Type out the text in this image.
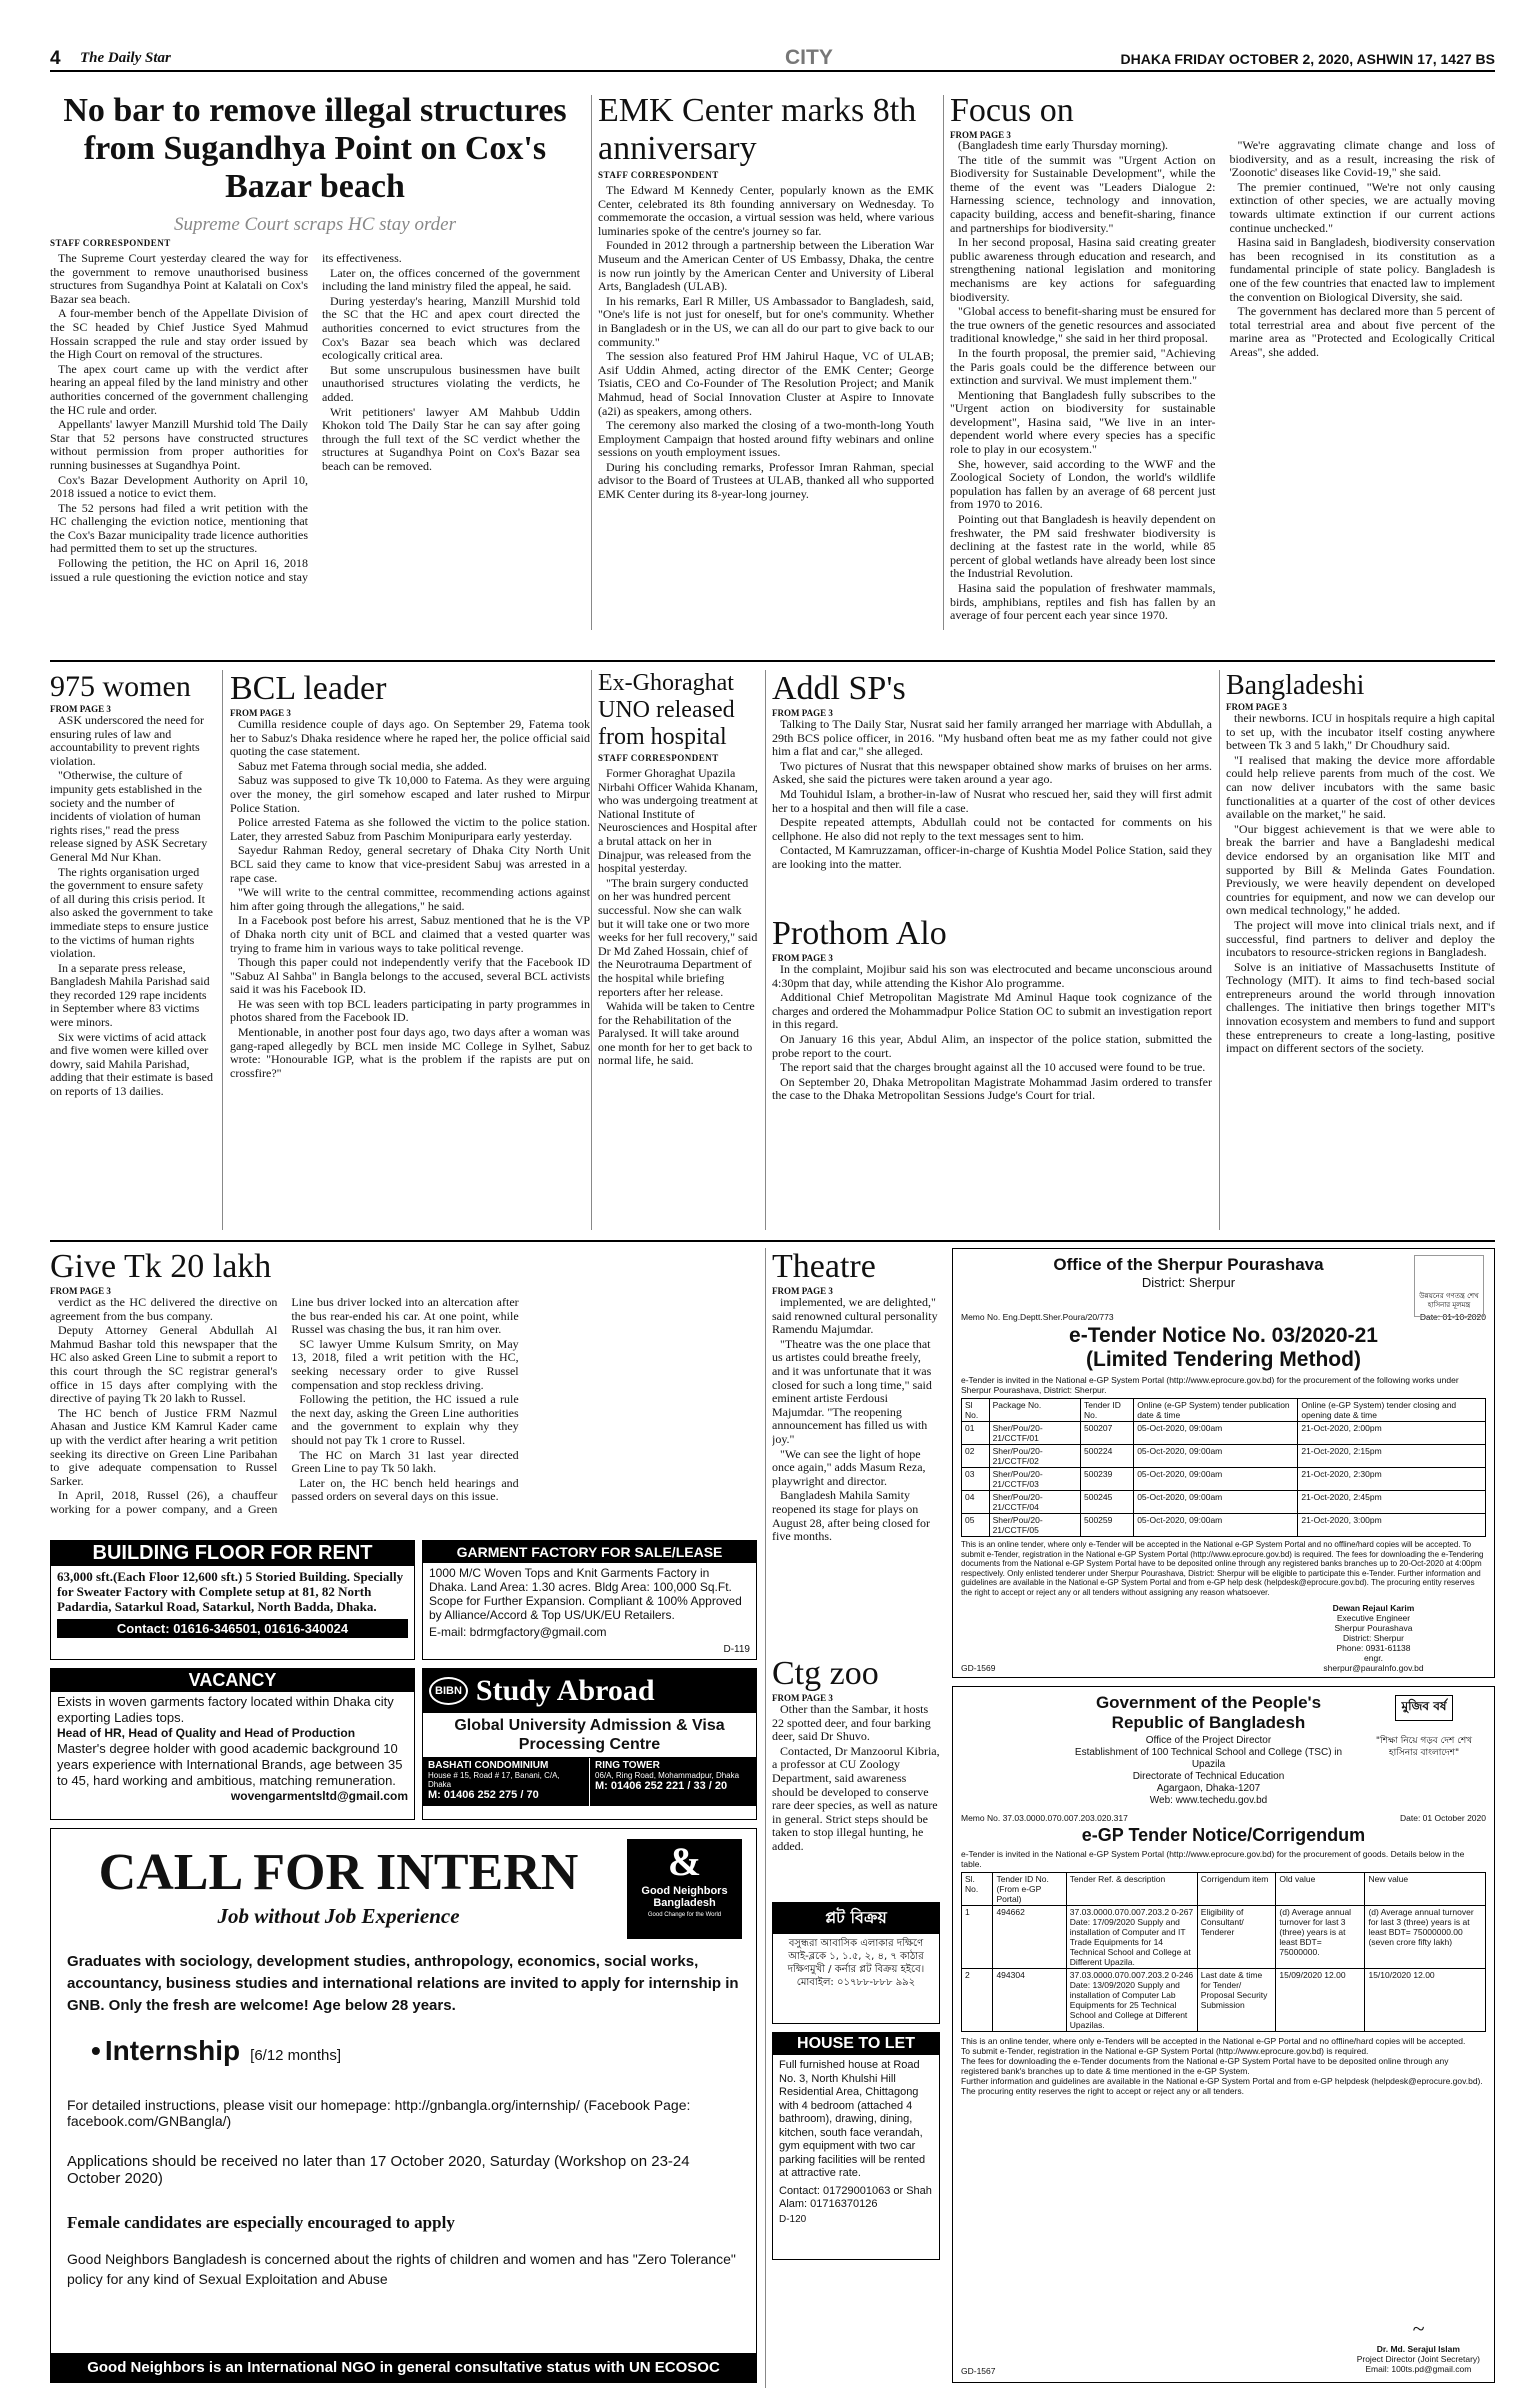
4 The Daily Star	CITY	DHAKA FRIDAY OCTOBER 2, 2020, ASHWIN 17, 1427 BS
No bar to remove illegal structures from Sugandhya Point on Cox's Bazar beach
Supreme Court scraps HC stay order
STAFF CORRESPONDENT

The Supreme Court yesterday cleared the way for the government to remove unauthorised business structures from Sugandhya Point at Kalatali on Cox's Bazar sea beach.

A four-member bench of the Appellate Division of the SC headed by Chief Justice Syed Mahmud Hossain scrapped the rule and stay order issued by the High Court on removal of the structures.

The apex court came up with the verdict after hearing an appeal filed by the land ministry and other authorities concerned of the government challenging the HC rule and order.

Appellants' lawyer Manzill Murshid told The Daily Star that 52 persons have constructed structures without permission from proper authorities for running businesses at Sugandhya Point.

Cox's Bazar Development Authority on April 10, 2018 issued a notice to evict them.

The 52 persons had filed a writ petition with the HC challenging the eviction notice, mentioning that the Cox's Bazar municipality trade licence authorities had permitted them to set up the structures.

Following the petition, the HC on April 16, 2018 issued a rule questioning the eviction notice and stay its effectiveness.

Later on, the offices concerned of the government including the land ministry filed the appeal, he said.

During yesterday's hearing, Manzill Murshid told the SC that the HC and apex court directed the authorities concerned to evict structures from the Cox's Bazar sea beach which was declared ecologically critical area.

But some unscrupulous businessmen have built unauthorised structures violating the verdicts, he added.

Writ petitioners' lawyer AM Mahbub Uddin Khokon told The Daily Star he can say after going through the full text of the SC verdict whether the structures at Sugandhya Point on Cox's Bazar sea beach can be removed.

EMK Center marks 8th anniversary
STAFF CORRESPONDENT

The Edward M Kennedy Center, popularly known as the EMK Center, celebrated its 8th founding anniversary on Wednesday. To commemorate the occasion, a virtual session was held, where various luminaries spoke of the centre's journey so far.

Founded in 2012 through a partnership between the Liberation War Museum and the American Center of US Embassy, Dhaka, the centre is now run jointly by the American Center and University of Liberal Arts, Bangladesh (ULAB).

In his remarks, Earl R Miller, US Ambassador to Bangladesh, said, "One's life is not just for oneself, but for one's community. Whether in Bangladesh or in the US, we can all do our part to give back to our community."

The session also featured Prof HM Jahirul Haque, VC of ULAB; Asif Uddin Ahmed, acting director of the EMK Center; George Tsiatis, CEO and Co-Founder of The Resolution Project; and Manik Mahmud, head of Social Innovation Cluster at Aspire to Innovate (a2i) as speakers, among others.

The ceremony also marked the closing of a two-month-long Youth Employment Campaign that hosted around fifty webinars and online sessions on youth employment issues.

During his concluding remarks, Professor Imran Rahman, special advisor to the Board of Trustees at ULAB, thanked all who supported EMK Center during its 8-year-long journey.

Focus on
FROM PAGE 3

(Bangladesh time early Thursday morning).

The title of the summit was "Urgent Action on Biodiversity for Sustainable Development", while the theme of the event was "Leaders Dialogue 2: Harnessing science, technology and innovation, capacity building, access and benefit-sharing, finance and partnerships for biodiversity."

In her second proposal, Hasina said creating greater public awareness through education and research, and strengthening national legislation and monitoring mechanisms are key actions for safeguarding biodiversity.

"Global access to benefit-sharing must be ensured for the true owners of the genetic resources and associated traditional knowledge," she said in her third proposal.

In the fourth proposal, the premier said, "Achieving the Paris goals could be the difference between our extinction and survival. We must implement them."

Mentioning that Bangladesh fully subscribes to the "Urgent action on biodiversity for sustainable development", Hasina said, "We live in an inter-dependent world where every species has a specific role to play in our ecosystem."

She, however, said according to the WWF and the Zoological Society of London, the world's wildlife population has fallen by an average of 68 percent just from 1970 to 2016.

Pointing out that Bangladesh is heavily dependent on freshwater, the PM said freshwater biodiversity is declining at the fastest rate in the world, while 85 percent of global wetlands have already been lost since the Industrial Revolution.

Hasina said the population of freshwater mammals, birds, amphibians, reptiles and fish has fallen by an average of four percent each year since 1970.

"We're aggravating climate change and loss of biodiversity, and as a result, increasing the risk of 'Zoonotic' diseases like Covid-19," she said.

The premier continued, "We're not only causing extinction of other species, we are actually moving towards ultimate extinction if our current actions continue unchecked."

Hasina said in Bangladesh, biodiversity conservation has been recognised in its constitution as a fundamental principle of state policy. Bangladesh is one of the few countries that enacted law to implement the convention on Biological Diversity, she said.

The government has declared more than 5 percent of total terrestrial area and about five percent of the marine area as "Protected and Ecologically Critical Areas", she added.

975 women
FROM PAGE 3

ASK underscored the need for ensuring rules of law and accountability to prevent rights violation.

"Otherwise, the culture of impunity gets established in the society and the number of incidents of violation of human rights rises," read the press release signed by ASK Secretary General Md Nur Khan.

The rights organisation urged the government to ensure safety of all during this crisis period. It also asked the government to take immediate steps to ensure justice to the victims of human rights violation.

In a separate press release, Bangladesh Mahila Parishad said they recorded 129 rape incidents in September where 83 victims were minors.

Six were victims of acid attack and five women were killed over dowry, said Mahila Parishad, adding that their estimate is based on reports of 13 dailies.

BCL leader
FROM PAGE 3

Cumilla residence couple of days ago. On September 29, Fatema took her to Sabuz's Dhaka residence where he raped her, the police official said quoting the case statement.

Sabuz met Fatema through social media, she added.

Sabuz was supposed to give Tk 10,000 to Fatema. As they were arguing over the money, the girl somehow escaped and later rushed to Mirpur Police Station.

Police arrested Fatema as she followed the victim to the police station. Later, they arrested Sabuz from Paschim Monipuripara early yesterday.

Sayedur Rahman Redoy, general secretary of Dhaka City North Unit BCL said they came to know that vice-president Sabuj was arrested in a rape case.

"We will write to the central committee, recommending actions against him after going through the allegations," he said.

In a Facebook post before his arrest, Sabuz mentioned that he is the VP of Dhaka north city unit of BCL and claimed that a vested quarter was trying to frame him in various ways to take political revenge.

Though this paper could not independently verify that the Facebook ID "Sabuz Al Sahba" in Bangla belongs to the accused, several BCL activists said it was his Facebook ID.

He was seen with top BCL leaders participating in party programmes in photos shared from the Facebook ID.

Mentionable, in another post four days ago, two days after a woman was gang-raped allegedly by BCL men inside MC College in Sylhet, Sabuz wrote: "Honourable IGP, what is the problem if the rapists are put on crossfire?"

Ex-Ghoraghat UNO released from hospital
STAFF CORRESPONDENT

Former Ghoraghat Upazila Nirbahi Officer Wahida Khanam, who was undergoing treatment at National Institute of Neurosciences and Hospital after a brutal attack on her in Dinajpur, was released from the hospital yesterday.

"The brain surgery conducted on her was hundred percent successful. Now she can walk but it will take one or two more weeks for her full recovery," said Dr Md Zahed Hossain, chief of the Neurotrauma Department of the hospital while briefing reporters after her release.

Wahida will be taken to Centre for the Rehabilitation of the Paralysed. It will take around one month for her to get back to normal life, he said.

Addl SP's
FROM PAGE 3

Talking to The Daily Star, Nusrat said her family arranged her marriage with Abdullah, a 29th BCS police officer, in 2016. "My husband often beat me as my father could not give him a flat and car," she alleged.

Two pictures of Nusrat that this newspaper obtained show marks of bruises on her arms. Asked, she said the pictures were taken around a year ago.

Md Touhidul Islam, a brother-in-law of Nusrat who rescued her, said they will first admit her to a hospital and then will file a case.

Despite repeated attempts, Abdullah could not be contacted for comments on his cellphone. He also did not reply to the text messages sent to him.

Contacted, M Kamruzzaman, officer-in-charge of Kushtia Model Police Station, said they are looking into the matter.

Prothom Alo
FROM PAGE 3

In the complaint, Mojibur said his son was electrocuted and became unconscious around 4:30pm that day, while attending the Kishor Alo programme.

Additional Chief Metropolitan Magistrate Md Aminul Haque took cognizance of the charges and ordered the Mohammadpur Police Station OC to submit an investigation report in this regard.

On January 16 this year, Abdul Alim, an inspector of the police station, submitted the probe report to the court.

The report said that the charges brought against all the 10 accused were found to be true.

On September 20, Dhaka Metropolitan Magistrate Mohammad Jasim ordered to transfer the case to the Dhaka Metropolitan Sessions Judge's Court for trial.

Bangladeshi
FROM PAGE 3

their newborns. ICU in hospitals require a high capital to set up, with the incubator itself costing anywhere between Tk 3 and 5 lakh," Dr Choudhury said.

"I realised that making the device more affordable could help relieve parents from much of the cost. We can now deliver incubators with the same basic functionalities at a quarter of the cost of other devices available on the market," he said.

"Our biggest achievement is that we were able to break the barrier and have a Bangladeshi medical device endorsed by an organisation like MIT and supported by Bill & Melinda Gates Foundation. Previously, we were heavily dependent on developed countries for equipment, and now we can develop our own medical technology," he added.

The project will move into clinical trials next, and if successful, find partners to deliver and deploy the incubators to resource-stricken regions in Bangladesh.

Solve is an initiative of Massachusetts Institute of Technology (MIT). It aims to find tech-based social entrepreneurs around the world through innovation challenges. The initiative then brings together MIT's innovation ecosystem and members to fund and support these entrepreneurs to create a long-lasting, positive impact on different sectors of the society.

Give Tk 20 lakh
FROM PAGE 3

verdict as the HC delivered the directive on agreement from the bus company.

Deputy Attorney General Abdullah Al Mahmud Bashar told this newspaper that the HC also asked Green Line to submit a report to this court through the SC registrar general's office in 15 days after complying with the directive of paying Tk 20 lakh to Russel.

The HC bench of Justice FRM Nazmul Ahasan and Justice KM Kamrul Kader came up with the verdict after hearing a writ petition seeking its directive on Green Line Paribahan to give adequate compensation to Russel Sarker.

In April, 2018, Russel (26), a chauffeur working for a power company, and a Green Line bus driver locked into an altercation after the bus rear-ended his car. At one point, while Russel was chasing the bus, it ran him over.

SC lawyer Umme Kulsum Smrity, on May 13, 2018, filed a writ petition with the HC, seeking necessary order to give Russel compensation and stop reckless driving.

Following the petition, the HC issued a rule the next day, asking the Green Line authorities and the government to explain why they should not pay Tk 1 crore to Russel.

The HC on March 31 last year directed Green Line to pay Tk 50 lakh.

Later on, the HC bench held hearings and passed orders on several days on this issue.

Theatre
FROM PAGE 3

implemented, we are delighted," said renowned cultural personality Ramendu Majumdar.

"Theatre was the one place that us artistes could breathe freely, and it was unfortunate that it was closed for such a long time," said eminent artiste Ferdousi Majumdar. "The reopening announcement has filled us with joy."

"We can see the light of hope once again," adds Masum Reza, playwright and director.

Bangladesh Mahila Samity reopened its stage for plays on August 28, after being closed for five months.

Ctg zoo
FROM PAGE 3

Other than the Sambar, it hosts 22 spotted deer, and four barking deer, said Dr Shuvo.

Contacted, Dr Manzoorul Kibria, a professor at CU Zoology Department, said awareness should be developed to conserve rare deer species, as well as nature in general. Strict steps should be taken to stop illegal hunting, he added.

BUILDING FLOOR FOR RENT
63,000 sft.(Each Floor 12,600 sft.) 5 Storied Building. Specially for Sweater Factory with Complete setup at 81, 82 North Padardia, Satarkul Road, Satarkul, North Badda, Dhaka.
Contact: 01616-346501, 01616-340024
GARMENT FACTORY FOR SALE/LEASE
1000 M/C Woven Tops and Knit Garments Factory in Dhaka. Land Area: 1.30 acres. Bldg Area: 100,000 Sq.Ft. Scope for Further Expansion. Compliant & 100% Approved by Alliance/Accord & Top US/UK/EU Retailers.
E-mail: bdrmgfactory@gmail.com
D-119
VACANCY
Exists in woven garments factory located within Dhaka city exporting Ladies tops.
Head of HR, Head of Quality and Head of Production
Master's degree holder with good academic background 10 years experience with International Brands, age between 35 to 45, hard working and ambitious, matching remuneration.
wovengarmentsltd@gmail.com
BIBN Study Abroad
Global University Admission & Visa Processing Centre
BASHATI CONDOMINIUM
House # 15, Road # 17, Banani, C/A, Dhaka
M: 01406 252 275 / 70
RING TOWER
06/A, Ring Road, Mohammadpur, Dhaka
M: 01406 252 221 / 33 / 20
CALL FOR INTERN
Job without Job Experience
&
Good Neighbors Bangladesh
Good Change for the World
Graduates with sociology, development studies, anthropology, economics, social works, accountancy, business studies and international relations are invited to apply for internship in GNB. Only the fresh are welcome! Age below 28 years.
• Internship [6/12 months]
For detailed instructions, please visit our homepage: http://gnbangla.org/internship/ (Facebook Page: facebook.com/GNBangla/)
Applications should be received no later than 17 October 2020, Saturday (Workshop on 23-24 October 2020)
Female candidates are especially encouraged to apply
Good Neighbors Bangladesh is concerned about the rights of children and women and has "Zero Tolerance" policy for any kind of Sexual Exploitation and Abuse
Good Neighbors is an International NGO in general consultative status with UN ECOSOC
প্লট বিক্রয়
বসুন্ধরা আবাসিক এলাকার দক্ষিণে আই-ব্লকে ১, ১.৫, ২, ৪, ৭ কাঠার দক্ষিণমুখী / কর্নার প্লট বিক্রয় হইবে। মোবাইল: ০১৭৮৮-৮৮৮ ৯৯২
HOUSE TO LET
Full furnished house at Road No. 3, North Khulshi Hill Residential Area, Chittagong with 4 bedroom (attached 4 bathroom), drawing, dining, kitchen, south face verandah, gym equipment with two car parking facilities will be rented at attractive rate.
Contact: 01729001063 or Shah Alam: 01716370126
D-120
Office of the Sherpur Pourashava
District: Sherpur
উন্নয়নের গণতন্ত্র শেখ হাসিনার মূলমন্ত্র
Memo No. Eng.Deptt.Sher.Poura/20/773	Date: 01-10-2020
e-Tender Notice No. 03/2020-21
(Limited Tendering Method)
e-Tender is invited in the National e-GP System Portal (http://www.eprocure.gov.bd) for the procurement of the following works under Sherpur Pourashava, District: Sherpur.
Sl No.	Package No.	Tender ID No.	Online (e-GP System) tender publication date & time	Online (e-GP System) tender closing and opening date & time
01	Sher/Pou/20-21/CCTF/01	500207	05-Oct-2020, 09:00am	21-Oct-2020, 2:00pm
02	Sher/Pou/20-21/CCTF/02	500224	05-Oct-2020, 09:00am	21-Oct-2020, 2:15pm
03	Sher/Pou/20-21/CCTF/03	500239	05-Oct-2020, 09:00am	21-Oct-2020, 2:30pm
04	Sher/Pou/20-21/CCTF/04	500245	05-Oct-2020, 09:00am	21-Oct-2020, 2:45pm
05	Sher/Pou/20-21/CCTF/05	500259	05-Oct-2020, 09:00am	21-Oct-2020, 3:00pm
This is an online tender, where only e-Tender will be accepted in the National e-GP System Portal and no offline/hard copies will be accepted. To submit e-Tender, registration in the National e-GP System Portal (http://www.eprocure.gov.bd) is required. The fees for downloading the e-Tendering documents from the National e-GP System Portal have to be deposited online through any registered banks branches up to 20-Oct-2020 at 4:00pm respectively. Only enlisted tenderer under Sherpur Pourashava, District: Sherpur will be eligible to participate this e-Tender. Further information and guidelines are available in the National e-GP System Portal and from e-GP help desk (helpdesk@eprocure.gov.bd). The procuring entity reserves the right to accept or reject any or all tenders without assigning any reason whatsoever.
Dewan Rejaul Karim
Executive Engineer
Sherpur Pourashava
District: Sherpur
Phone: 0931-61138
engr.
sherpur@pauralnfo.gov.bd
GD-1569
Government of the People's Republic of Bangladesh
Office of the Project Director
Establishment of 100 Technical School and College (TSC) in Upazila
Directorate of Technical Education
Agargaon, Dhaka-1207
Web: www.techedu.gov.bd
মুজিব বর্ষ
"শিক্ষা নিয়ে গড়ব দেশ শেখ হাসিনার বাংলাদেশ"
Memo No. 37.03.0000.070.007.203.020.317	Date: 01 October 2020
e-GP Tender Notice/Corrigendum
e-Tender is invited in the National e-GP System Portal (http://www.eprocure.gov.bd) for the procurement of goods. Details below in the table.
Sl. No.	Tender ID No. (From e-GP Portal)	Tender Ref. & description	Corrigendum item	Old value	New value
1	494662	37.03.0000.070.007.203.2 0-267 Date: 17/09/2020 Supply and installation of Computer and IT Trade Equipments for 14 Technical School and College at Different Upazila.	Eligibility of Consultant/ Tenderer	(d) Average annual turnover for last 3 (three) years is at least BDT= 75000000.	(d) Average annual turnover for last 3 (three) years is at least BDT= 75000000.00 (seven crore fifty lakh)
2	494304	37.03.0000.070.007.203.2 0-246 Date: 13/09/2020 Supply and installation of Computer Lab Equipments for 25 Technical School and College at Different Upazilas.	Last date & time for Tender/ Proposal Security Submission	15/09/2020 12.00	15/10/2020 12.00
This is an online tender, where only e-Tenders will be accepted in the National e-GP Portal and no offline/hard copies will be accepted.
To submit e-Tender, registration in the National e-GP System Portal (http://www.eprocure.gov.bd) is required.
The fees for downloading the e-Tender documents from the National e-GP System Portal have to be deposited online through any registered bank's branches up to date & time mentioned in the e-GP System.
Further information and guidelines are available in the National e-GP System Portal and from e-GP helpdesk (helpdesk@eprocure.gov.bd).
The procuring entity reserves the right to accept or reject any or all tenders.
~
Dr. Md. Serajul Islam
Project Director (Joint Secretary)
Email: 100ts.pd@gmail.com
GD-1567
